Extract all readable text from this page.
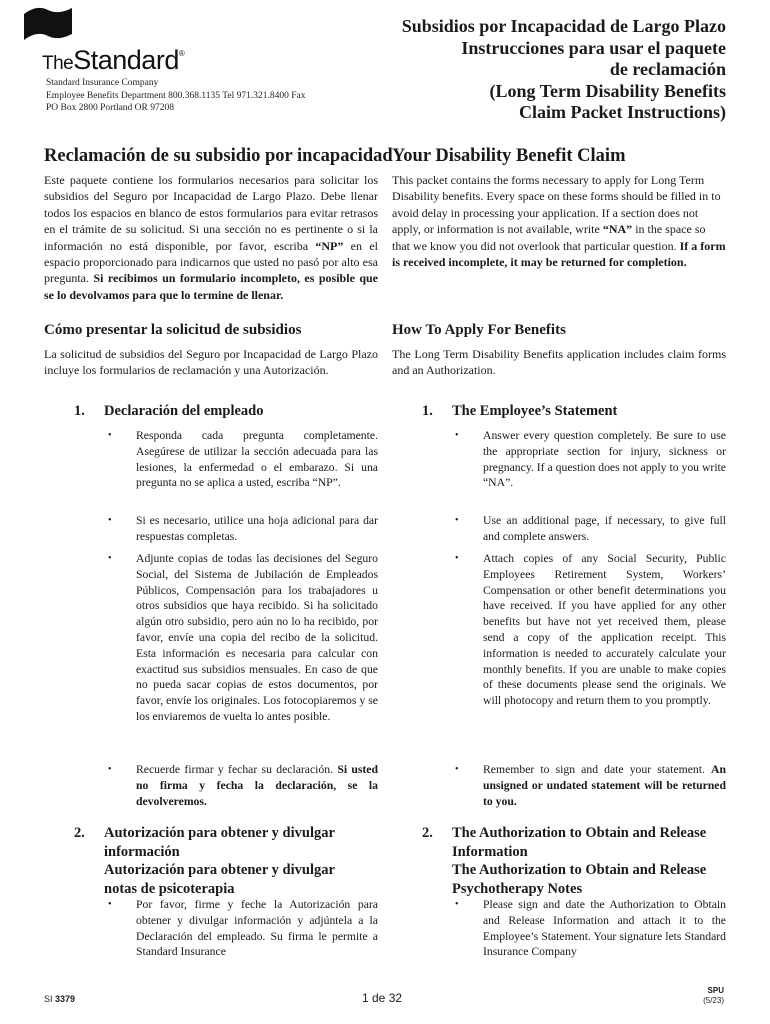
TheStandard®
Standard Insurance Company
Employee Benefits Department 800.368.1135 Tel 971.321.8400 Fax
PO Box 2800 Portland OR 97208
Subsidios por Incapacidad de Largo Plazo
Instrucciones para usar el paquete
de reclamación
(Long Term Disability Benefits
Claim Packet Instructions)
Reclamación de su subsidio por incapacidad
Este paquete contiene los formularios necesarios para solicitar los subsidios del Seguro por Incapacidad de Largo Plazo. Debe llenar todos los espacios en blanco de estos formularios para evitar retrasos en el trámite de su solicitud. Si una sección no es pertinente o si la información no está disponible, por favor, escriba “NP” en el espacio proporcionado para indicarnos que usted no pasó por alto esa pregunta. Si recibimos un formulario incompleto, es posible que se lo devolvamos para que lo termine de llenar.
Cómo presentar la solicitud de subsidios
La solicitud de subsidios del Seguro por Incapacidad de Largo Plazo incluye los formularios de reclamación y una Autorización.
1. Declaración del empleado
• Responda cada pregunta completamente. Asegúrese de utilizar la sección adecuada para las lesiones, la enfermedad o el embarazo. Si una pregunta no se aplica a usted, escriba “NP”.
• Si es necesario, utilice una hoja adicional para dar respuestas completas.
• Adjunte copias de todas las decisiones del Seguro Social, del Sistema de Jubilación de Empleados Públicos, Compensación para los trabajadores u otros subsidios que haya recibido. Si ha solicitado algún otro subsidio, pero aún no lo ha recibido, por favor, envíe una copia del recibo de la solicitud. Esta información es necesaria para calcular con exactitud sus subsidios mensuales. En caso de que no pueda sacar copias de estos documentos, por favor, envíe los originales. Los fotocopiaremos y se los enviaremos de vuelta lo antes posible.
• Recuerde firmar y fechar su declaración. Si usted no firma y fecha la declaración, se la devolveremos.
2. Autorización para obtener y divulgar
información
Autorización para obtener y divulgar
notas de psicoterapia
• Por favor, firme y feche la Autorización para obtener y divulgar información y adjúntela a la Declaración del empleado. Su firma le permite a Standard Insurance
Your Disability Benefit Claim
This packet contains the forms necessary to apply for Long Term Disability benefits. Every space on these forms should be filled in to avoid delay in processing your application. If a section does not apply, or information is not available, write “NA” in the space so that we know you did not overlook that particular question. If a form is received incomplete, it may be returned for completion.
How To Apply For Benefits
The Long Term Disability Benefits application includes claim forms and an Authorization.
1. The Employee’s Statement
• Answer every question completely. Be sure to use the appropriate section for injury, sickness or pregnancy. If a question does not apply to you write “NA”.
• Use an additional page, if necessary, to give full and complete answers.
• Attach copies of any Social Security, Public Employees Retirement System, Workers’ Compensation or other benefit determinations you have received. If you have applied for any other benefits but have not yet received them, please send a copy of the application receipt. This information is needed to accurately calculate your monthly benefits. If you are unable to make copies of these documents please send the originals. We will photocopy and return them to you promptly.
• Remember to sign and date your statement. An unsigned or undated statement will be returned to you.
2. The Authorization to Obtain and Release
Information
The Authorization to Obtain and Release
Psychotherapy Notes
• Please sign and date the Authorization to Obtain and Release Information and attach it to the Employee’s Statement. Your signature lets Standard Insurance Company
SI 3379	1 de 32
SPU
(5/23)
